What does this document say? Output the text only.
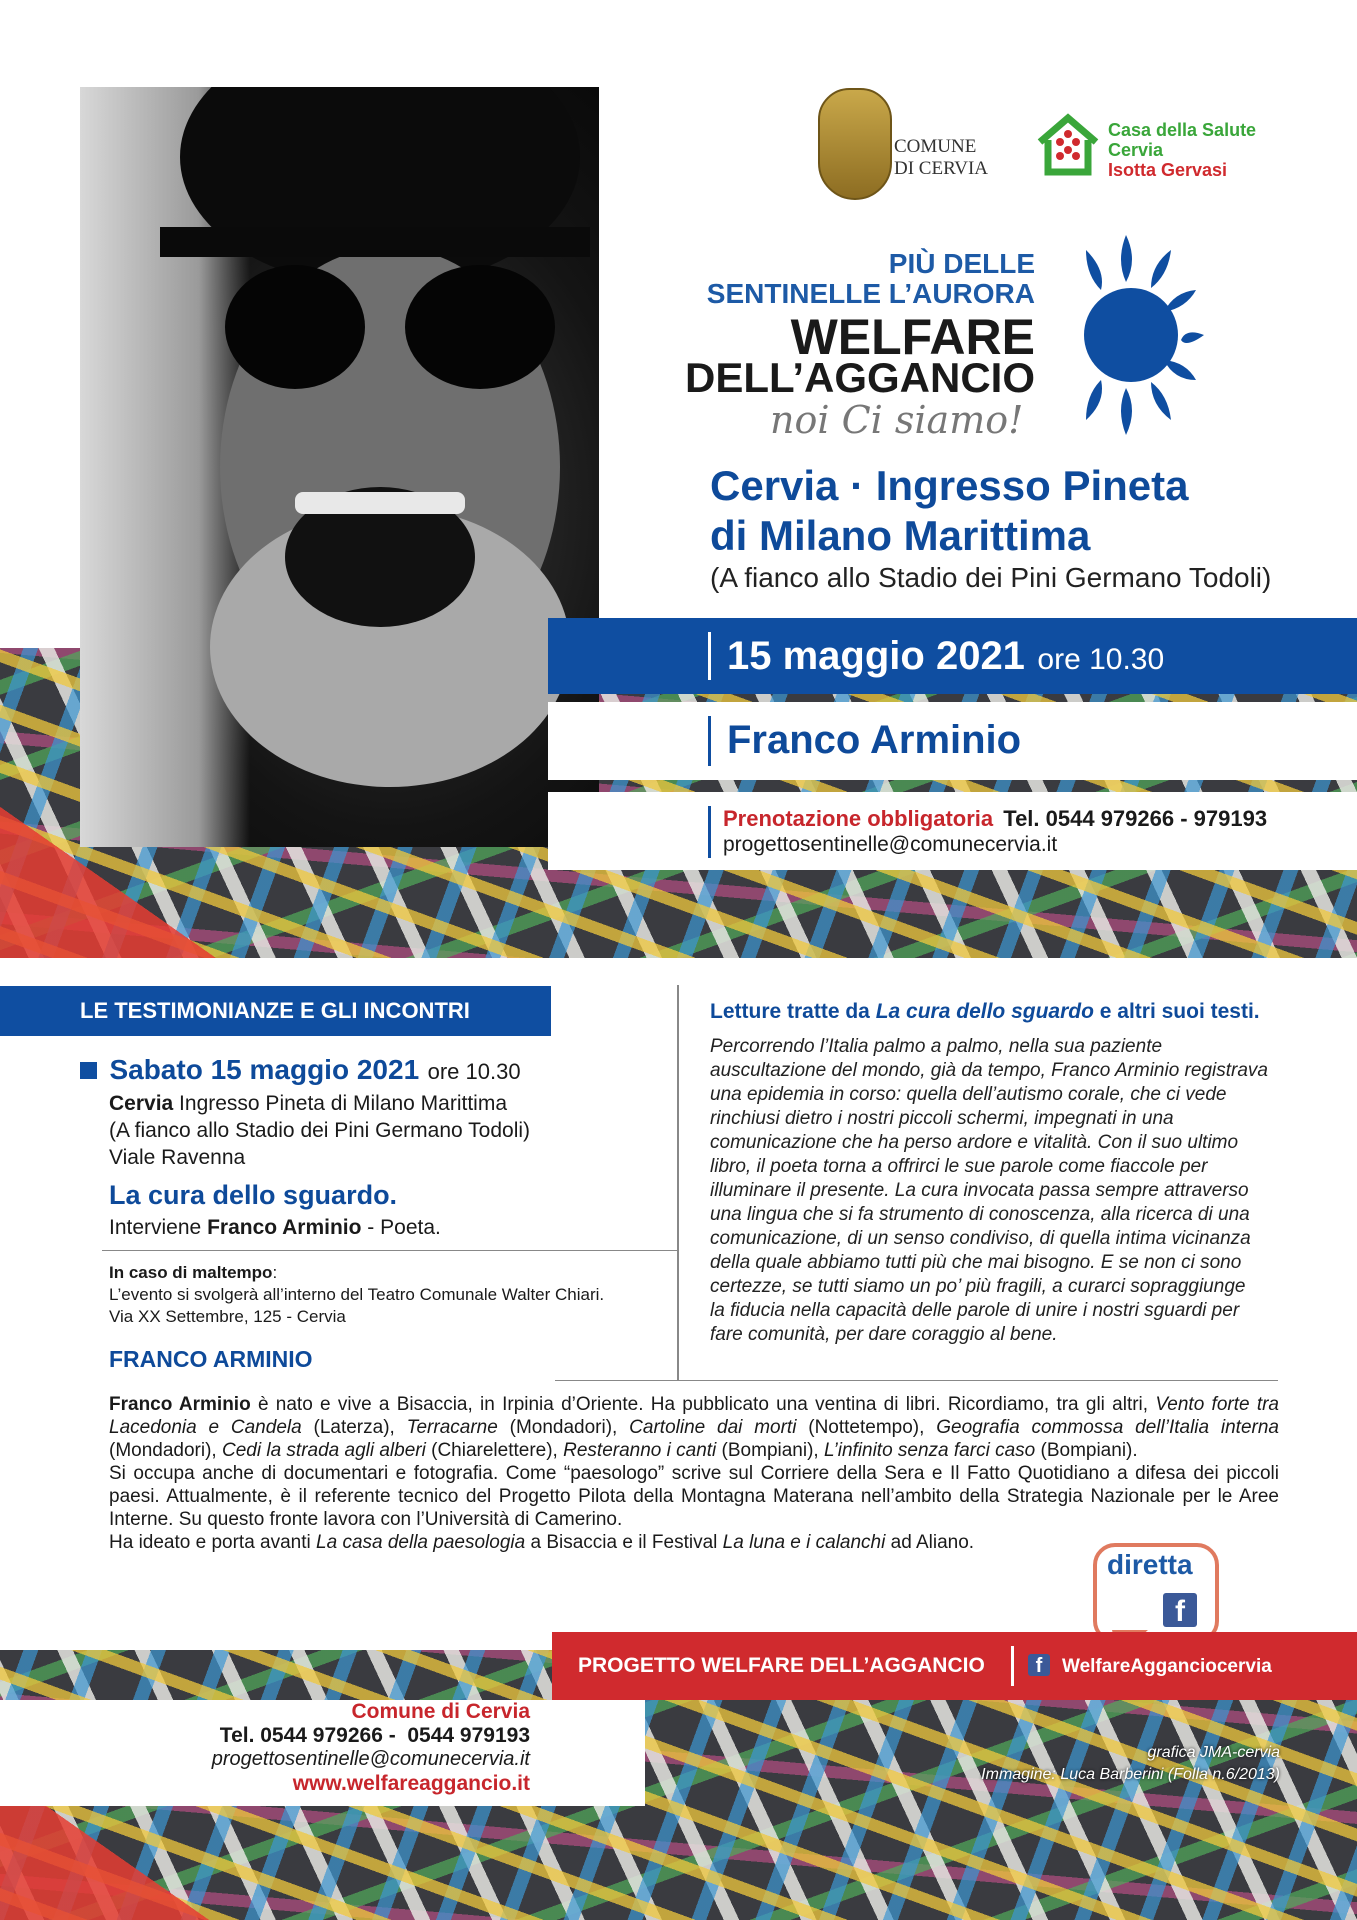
COMUNE
DI CERVIA
Casa della Salute
Cervia
Isotta Gervasi
PIÙ DELLE
SENTINELLE L’AURORA
WELFARE
DELL’AGGANCIO
noi Ci siamo!
Cervia · Ingresso Pineta
di Milano Marittima
(A fianco allo Stadio dei Pini Germano Todoli)
15 maggio 2021 ore 10.30
Franco Arminio
Prenotazione obbligatoria Tel. 0544 979266 - 979193
progettosentinelle@comunecervia.it
LE TESTIMONIANZE E GLI INCONTRI
Sabato 15 maggio 2021 ore 10.30
Cervia Ingresso Pineta di Milano Marittima
(A fianco allo Stadio dei Pini Germano Todoli)
Viale Ravenna
La cura dello sguardo.
Interviene Franco Arminio - Poeta.
In caso di maltempo:
L’evento si svolgerà all’interno del Teatro Comunale Walter Chiari.
Via XX Settembre, 125 - Cervia
FRANCO ARMINIO
Letture tratte da La cura dello sguardo e altri suoi testi.
Percorrendo l’Italia palmo a palmo, nella sua paziente
auscultazione del mondo, già da tempo, Franco Arminio registrava
una epidemia in corso: quella dell’autismo corale, che ci vede
rinchiusi dietro i nostri piccoli schermi, impegnati in una
comunicazione che ha perso ardore e vitalità. Con il suo ultimo
libro, il poeta torna a offrirci le sue parole come fiaccole per
illuminare il presente. La cura invocata passa sempre attraverso
una lingua che si fa strumento di conoscenza, alla ricerca di una
comunicazione, di un senso condiviso, di quella intima vicinanza
della quale abbiamo tutti più che mai bisogno. E se non ci sono
certezze, se tutti siamo un po’ più fragili, a curarci sopraggiunge
la fiducia nella capacità delle parole di unire i nostri sguardi per
fare comunità, per dare coraggio al bene.

Franco Arminio è nato e vive a Bisaccia, in Irpinia d’Oriente. Ha pubblicato una ventina di libri. Ricordiamo, tra gli altri, Vento forte tra Lacedonia e Candela (Laterza), Terracarne (Mondadori), Cartoline dai morti (Nottetempo), Geografia commossa dell’Italia interna (Mondadori), Cedi la strada agli alberi (Chiarelettere), Resteranno i canti (Bompiani), L’infinito senza farci caso (Bompiani).

Si occupa anche di documentari e fotografia. Come “paesologo” scrive sul Corriere della Sera e Il Fatto Quotidiano a difesa dei piccoli paesi. Attualmente, è il referente tecnico del Progetto Pilota della Montagna Materana nell’ambito della Strategia Nazionale per le Aree Interne. Su questo fronte lavora con l’Università di Camerino.

Ha ideato e porta avanti La casa della paesologia a Bisaccia e il Festival La luna e i calanchi ad Aliano.

diretta
f
PROGETTO WELFARE DELL’AGGANCIO	f	WelfareAgganciocervia
Comune di Cervia
Tel. 0544 979266 -  0544 979193
progettosentinelle@comunecervia.it
www.welfareaggancio.it
grafica JMA-cervia
Immagine: Luca Barberini (Folla n.6/2013)
